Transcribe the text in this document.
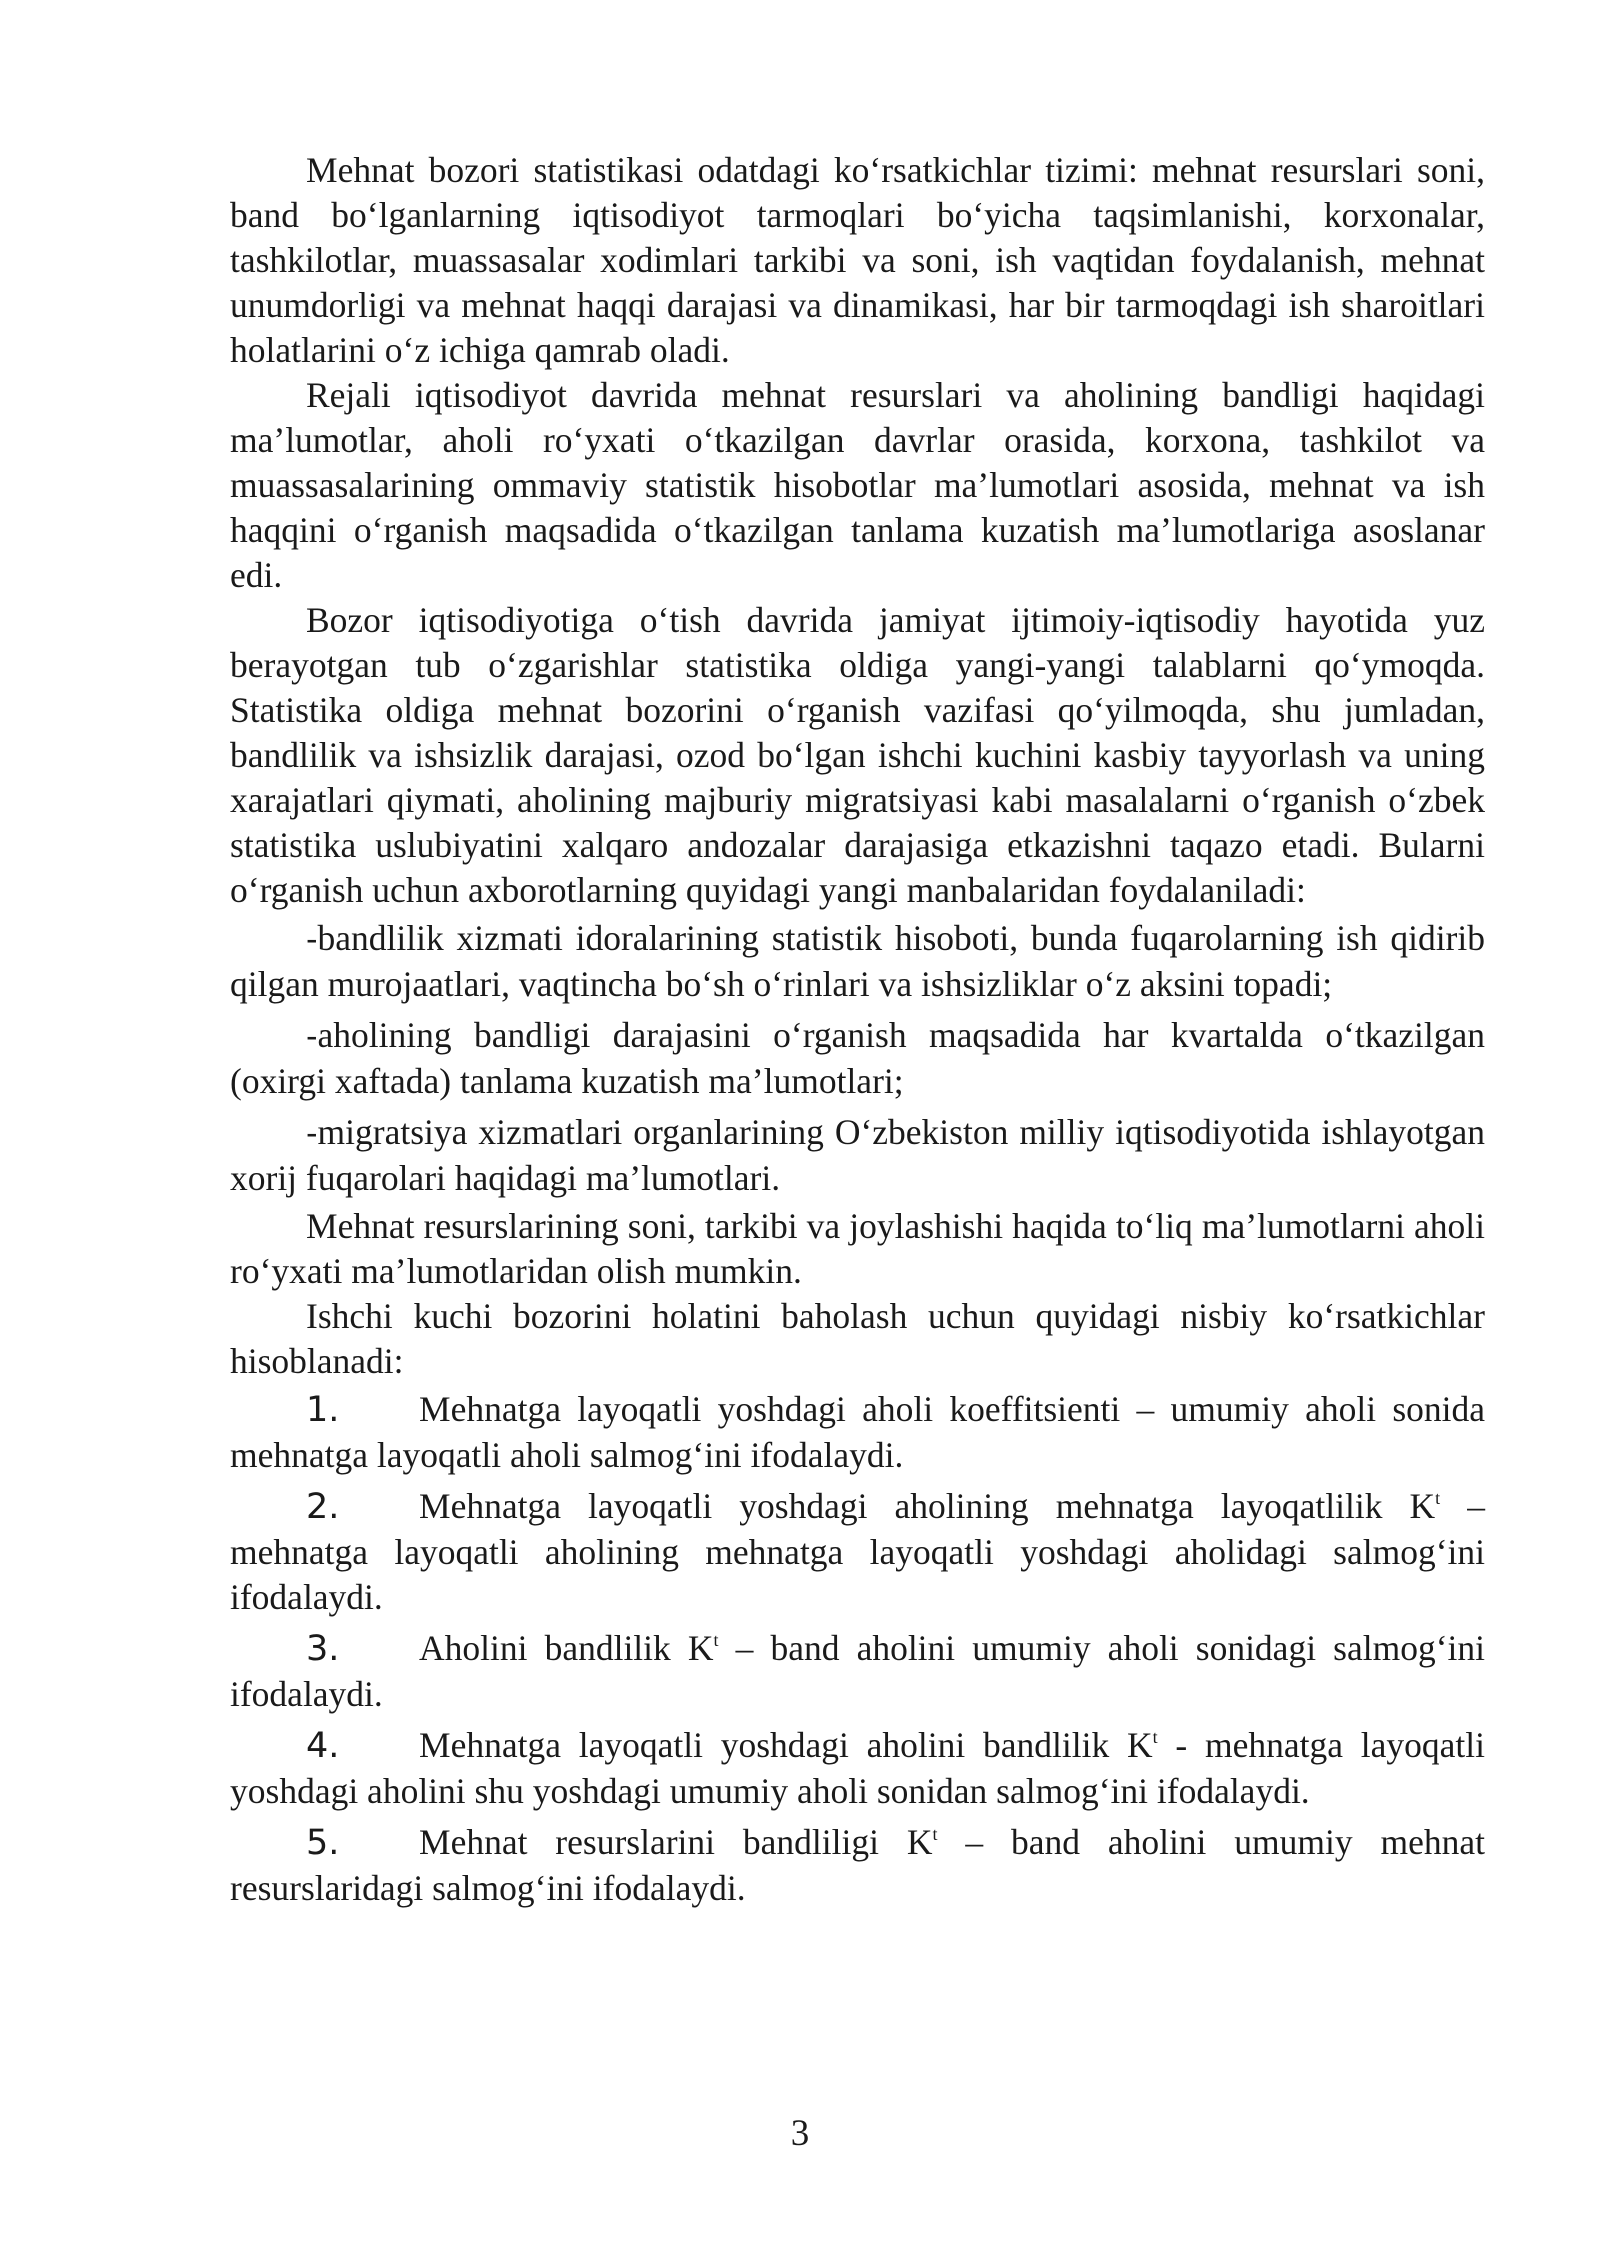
Mehnat bozori statistikasi odatdagi ko‘rsatkichlar tizimi: mehnat resurslari soni, band bo‘lganlarning iqtisodiyot tarmoqlari bo‘yicha taqsimlanishi, korxonalar, tashkilotlar, muassasalar xodimlari tarkibi va soni, ish vaqtidan foydalanish, mehnat unumdorligi va mehnat haqqi darajasi va dinamikasi, har bir tarmoqdagi ish sharoitlari holatlarini o‘z ichiga qamrab oladi.

Rejali iqtisodiyot davrida mehnat resurslari va aholining bandligi haqidagi ma’lumotlar, aholi ro‘yxati o‘tkazilgan davrlar orasida, korxona, tashkilot va muassasalarining ommaviy statistik hisobotlar ma’lumotlari asosida, mehnat va ish haqqini o‘rganish maqsadida o‘tkazilgan tanlama kuzatish ma’lumotlariga asoslanar edi.

Bozor iqtisodiyotiga o‘tish davrida jamiyat ijtimoiy-iqtisodiy hayotida yuz berayotgan tub o‘zgarishlar statistika oldiga yangi-yangi talablarni qo‘ymoqda. Statistika oldiga mehnat bozorini o‘rganish vazifasi qo‘yilmoqda, shu jumladan, bandlilik va ishsizlik darajasi, ozod bo‘lgan ishchi kuchini kasbiy tayyorlash va uning xarajatlari qiymati, aholining majburiy migratsiyasi kabi masalalarni o‘rganish o‘zbek statistika uslubiyatini xalqaro andozalar darajasiga etkazishni taqazo etadi. Bularni o‘rganish uchun axborotlarning quyidagi yangi manbalaridan foydalaniladi:

-bandlilik xizmati idoralarining statistik hisoboti, bunda fuqarolarning ish qidirib qilgan murojaatlari, vaqtincha bo‘sh o‘rinlari va ishsizliklar o‘z aksini topadi;

-aholining bandligi darajasini o‘rganish maqsadida har kvartalda o‘tkazilgan (oxirgi xaftada) tanlama kuzatish ma’lumotlari;

-migratsiya xizmatlari organlarining O‘zbekiston milliy iqtisodiyotida ishlayotgan xorij fuqarolari haqidagi ma’lumotlari.

Mehnat resurslarining soni, tarkibi va joylashishi haqida to‘liq ma’lumotlarni aholi ro‘yxati ma’lumotlaridan olish mumkin.

Ishchi kuchi bozorini holatini baholash uchun quyidagi nisbiy ko‘rsatkichlar hisoblanadi:

1. Mehnatga layoqatli yoshdagi aholi koeffitsienti – umumiy aholi sonida mehnatga layoqatli aholi salmog‘ini ifodalaydi.

2. Mehnatga layoqatli yoshdagi aholining mehnatga layoqatlilik $K^t$ – mehnatga layoqatli aholining mehnatga layoqatli yoshdagi aholidagi salmog‘ini ifodalaydi.

3. Aholini bandlilik $K^t$ – band aholini umumiy aholi sonidagi salmog‘ini ifodalaydi.

4. Mehnatga layoqatli yoshdagi aholini bandlilik $K^t$ - mehnatga layoqatli yoshdagi aholini shu yoshdagi umumiy aholi sonidan salmog‘ini ifodalaydi.

5. Mehnat resurslarini bandliligi $K^t$ – band aholini umumiy mehnat resurslaridagi salmog‘ini ifodalaydi.

3
